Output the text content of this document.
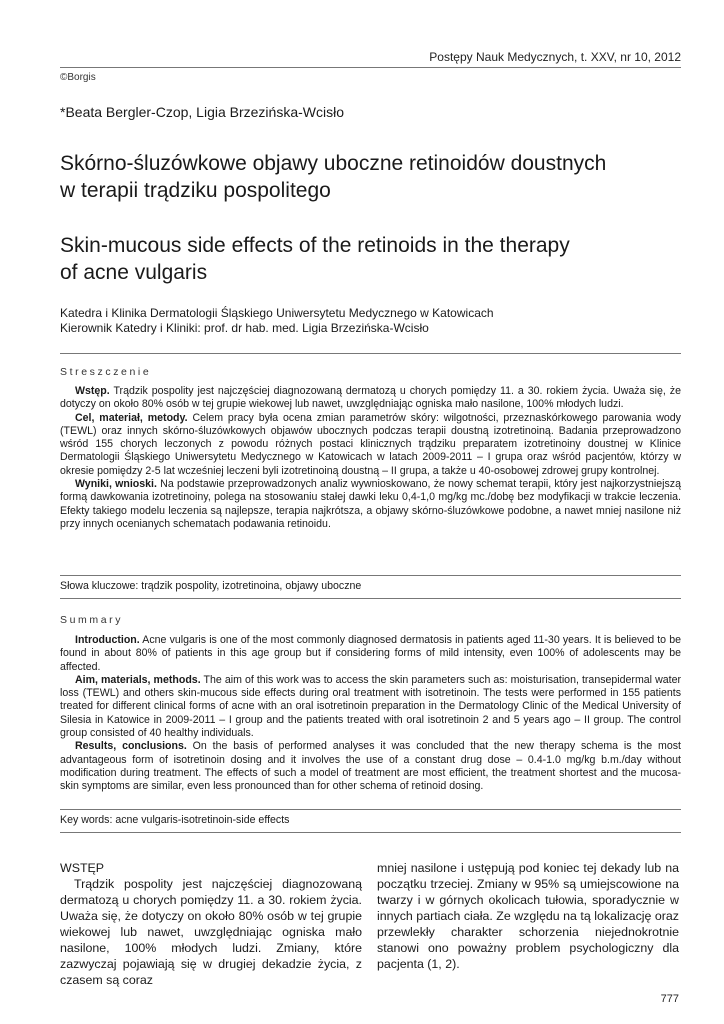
Postępy Nauk Medycznych, t. XXV, nr 10, 2012
©Borgis
*Beata Bergler-Czop, Ligia Brzezińska-Wcisło
Skórno-śluzówkowe objawy uboczne retinoidów doustnych
w terapii trądziku pospolitego
Skin-mucous side effects of the retinoids in the therapy
of acne vulgaris
Katedra i Klinika Dermatologii Śląskiego Uniwersytetu Medycznego w Katowicach
Kierownik Katedry i Kliniki: prof. dr hab. med. Ligia Brzezińska-Wcisło
Streszczenie

Wstęp. Trądzik pospolity jest najczęściej diagnozowaną dermatozą u chorych pomiędzy 11. a 30. rokiem życia. Uważa się, że dotyczy on około 80% osób w tej grupie wiekowej lub nawet, uwzględniając ogniska mało nasilone, 100% młodych ludzi.

Cel, materiał, metody. Celem pracy była ocena zmian parametrów skóry: wilgotności, przeznaskórkowego parowania wody (TEWL) oraz innych skórno-śluzówkowych objawów ubocznych podczas terapii doustną izotretinoiną. Badania przeprowadzono wśród 155 chorych leczonych z powodu różnych postaci klinicznych trądziku preparatem izotretinoiny doustnej w Klinice Dermatologii Śląskiego Uniwersytetu Medycznego w Katowicach w latach 2009-2011 – I grupa oraz wśród pacjentów, którzy w okresie pomiędzy 2-5 lat wcześniej leczeni byli izotretinoiną doustną – II grupa, a także u 40-osobowej zdrowej grupy kontrolnej.

Wyniki, wnioski. Na podstawie przeprowadzonych analiz wywnioskowano, że nowy schemat terapii, który jest najkorzystniejszą formą dawkowania izotretinoiny, polega na stosowaniu stałej dawki leku 0,4-1,0 mg/kg mc./dobę bez modyfikacji w trakcie leczenia. Efekty takiego modelu leczenia są najlepsze, terapia najkrótsza, a objawy skórno-śluzówkowe podobne, a nawet mniej nasilone niż przy innych ocenianych schematach podawania retinoidu.

Słowa kluczowe: trądzik pospolity, izotretinoina, objawy uboczne
Summary

Introduction. Acne vulgaris is one of the most commonly diagnosed dermatosis in patients aged 11-30 years. It is believed to be found in about 80% of patients in this age group but if considering forms of mild intensity, even 100% of adolescents may be affected.

Aim, materials, methods. The aim of this work was to access the skin parameters such as: moisturisation, transepidermal water loss (TEWL) and others skin-mucous side effects during oral treatment with isotretinoin. The tests were performed in 155 patients treated for different clinical forms of acne with an oral isotretinoin preparation in the Dermatology Clinic of the Medical University of Silesia in Katowice in 2009-2011 – I group and the patients treated with oral isotretinoin 2 and 5 years ago – II group. The control group consisted of 40 healthy individuals.

Results, conclusions. On the basis of performed analyses it was concluded that the new therapy schema is the most advantageous form of isotretinoin dosing and it involves the use of a constant drug dose – 0.4-1.0 mg/kg b.m./day without modification during treatment. The effects of such a model of treatment are most efficient, the treatment shortest and the mucosa-skin symptoms are similar, even less pronounced than for other schema of retinoid dosing.

Key words: acne vulgaris-isotretinoin-side effects

WSTĘP

Trądzik pospolity jest najczęściej diagnozowaną dermatozą u chorych pomiędzy 11. a 30. rokiem życia. Uważa się, że dotyczy on około 80% osób w tej grupie wiekowej lub nawet, uwzględniając ogniska mało nasilone, 100% młodych ludzi. Zmiany, które zazwyczaj pojawiają się w drugiej dekadzie życia, z czasem są coraz

mniej nasilone i ustępują pod koniec tej dekady lub na początku trzeciej. Zmiany w 95% są umiejscowione na twarzy i w górnych okolicach tułowia, sporadycznie w innych partiach ciała. Ze względu na tą lokalizację oraz przewlekły charakter schorzenia niejednokrotnie stanowi ono poważny problem psychologiczny dla pacjenta (1, 2).

777
